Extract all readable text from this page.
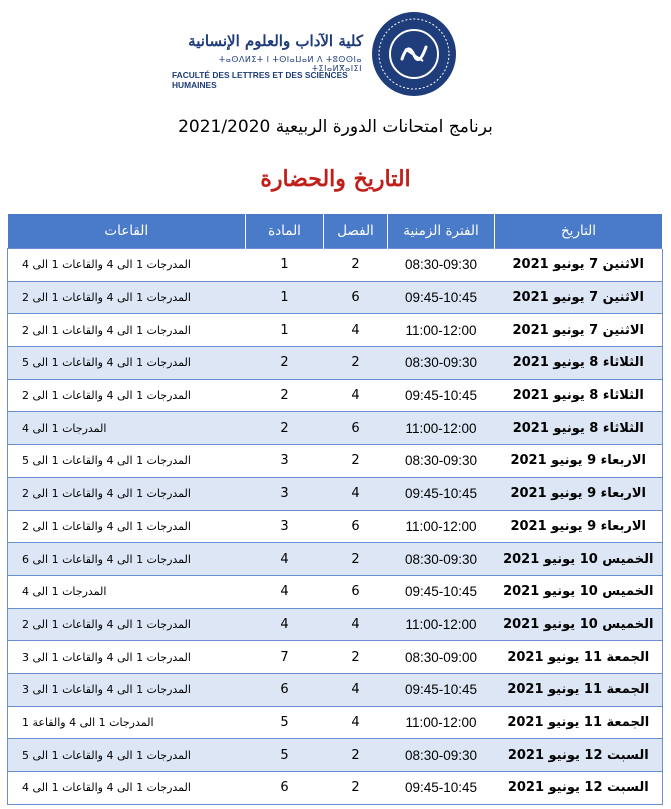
كلية الآداب والعلوم الإنسانية
ⵜⴰⵙⴷⵍⵉⵜ ⵏ ⵜⵙⵏⴰⵡⴰⵍ ⴷ ⵜⵓⵙⵙⵏⴰ ⵜⵉⵏⴰⵍⴳⴰⵏⵉⵏ
FACULTÉ DES LETTRES ET DES SCIENCES HUMAINES
برنامج امتحانات الدورة الربيعية 2021/2020
التاريخ والحضارة
التاريخ	الفترة الزمنية	الفصل	المادة	القاعات
الاثنين 7 يونيو 2021	08:30-09:30	2	1	المدرجات 1 الى 4 والقاعات 1 الى 4
الاثنين 7 يونيو 2021	09:45-10:45	6	1	المدرجات 1 الى 4 والقاعات 1 الى 2
الاثنين 7 يونيو 2021	11:00-12:00	4	1	المدرجات 1 الى 4 والقاعات 1 الى 2
الثلاثاء 8 يونيو 2021	08:30-09:30	2	2	المدرجات 1 الى 4 والقاعات 1 الى 5
الثلاثاء 8 يونيو 2021	09:45-10:45	4	2	المدرجات 1 الى 4 والقاعات 1 الى 2
الثلاثاء 8 يونيو 2021	11:00-12:00	6	2	المدرجات 1 الى 4
الاربعاء 9 يونيو 2021	08:30-09:30	2	3	المدرجات 1 الى 4 والقاعات 1 الى 5
الاربعاء 9 يونيو 2021	09:45-10:45	4	3	المدرجات 1 الى 4 والقاعات 1 الى 2
الاربعاء 9 يونيو 2021	11:00-12:00	6	3	المدرجات 1 الى 4 والقاعات 1 الى 2
الخميس 10 يونيو 2021	08:30-09:30	2	4	المدرجات 1 الى 4 والقاعات 1 الى 6
الخميس 10 يونيو 2021	09:45-10:45	6	4	المدرجات 1 الى 4
الخميس 10 يونيو 2021	11:00-12:00	4	4	المدرجات 1 الى 4 والقاعات 1 الى 2
الجمعة 11 يونيو 2021	08:30-09:00	2	7	المدرجات 1 الى 4 والقاعات 1 الى 3
الجمعة 11 يونيو 2021	09:45-10:45	4	6	المدرجات 1 الى 4 والقاعات 1 الى 3
الجمعة 11 يونيو 2021	11:00-12:00	4	5	المدرجات 1 الى 4 والقاعة 1
السبت 12 يونيو 2021	08:30-09:30	2	5	المدرجات 1 الى 4 والقاعات 1 الى 5
السبت 12 يونيو 2021	09:45-10:45	2	6	المدرجات 1 الى 4 والقاعات 1 الى 4
